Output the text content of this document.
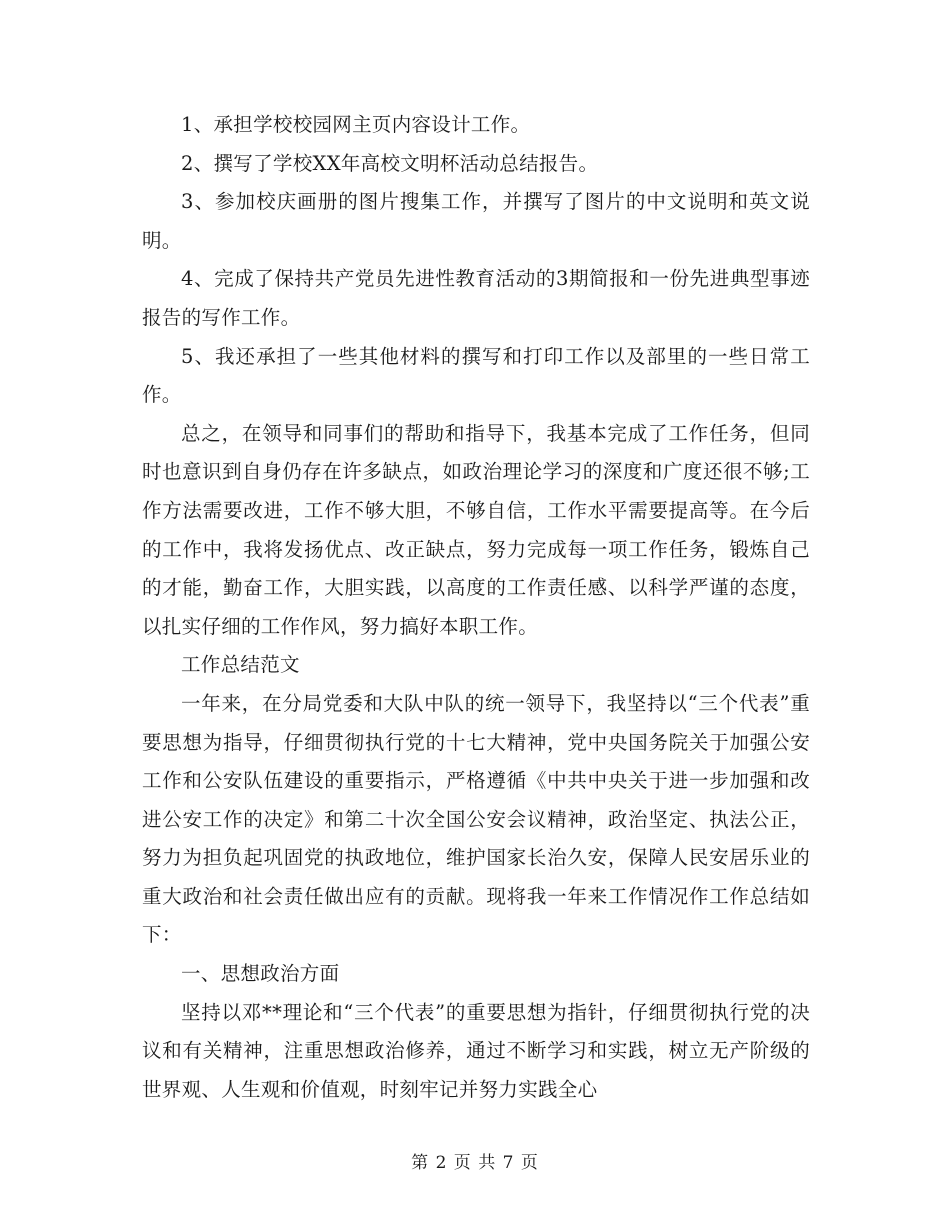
1、承担学校校园网主页内容设计工作。

2、撰写了学校XX年高校文明杯活动总结报告。

3、参加校庆画册的图片搜集工作，并撰写了图片的中文说明和英文说明。

4、完成了保持共产党员先进性教育活动的3期简报和一份先进典型事迹报告的写作工作。

5、我还承担了一些其他材料的撰写和打印工作以及部里的一些日常工作。

总之，在领导和同事们的帮助和指导下，我基本完成了工作任务，但同时也意识到自身仍存在许多缺点，如政治理论学习的深度和广度还很不够;工作方法需要改进，工作不够大胆，不够自信，工作水平需要提高等。在今后的工作中，我将发扬优点、改正缺点，努力完成每一项工作任务，锻炼自己的才能，勤奋工作，大胆实践，以高度的工作责任感、以科学严谨的态度，以扎实仔细的工作作风，努力搞好本职工作。

工作总结范文

一年来，在分局党委和大队中队的统一领导下，我坚持以“三个代表”重要思想为指导，仔细贯彻执行党的十七大精神，党中央国务院关于加强公安工作和公安队伍建设的重要指示，严格遵循《中共中央关于进一步加强和改进公安工作的决定》和第二十次全国公安会议精神，政治坚定、执法公正，努力为担负起巩固党的执政地位，维护国家长治久安，保障人民安居乐业的重大政治和社会责任做出应有的贡献。现将我一年来工作情况作工作总结如下：

一、思想政治方面

坚持以邓**理论和“三个代表”的重要思想为指针，仔细贯彻执行党的决议和有关精神，注重思想政治修养，通过不断学习和实践，树立无产阶级的世界观、人生观和价值观，时刻牢记并努力实践全心

第 2 页 共 7 页
